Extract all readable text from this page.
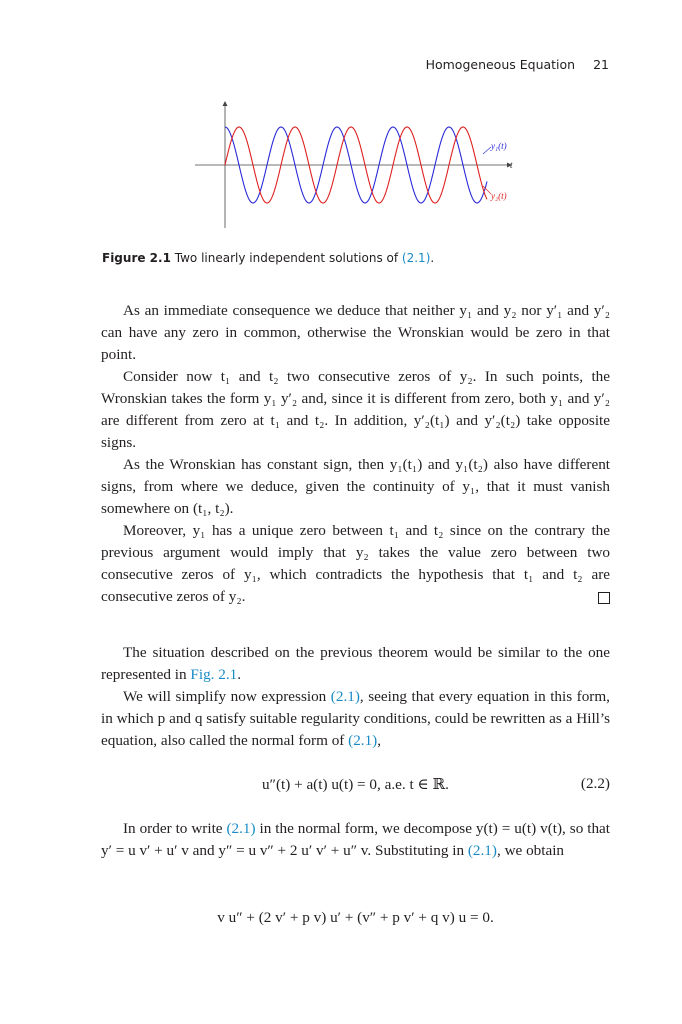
Homogeneous Equation 21
t
y₁(t)
y₂(t)
Figure 2.1 Two linearly independent solutions of (2.1).

As an immediate consequence we deduce that neither y₁ and y₂ nor y′₁ and y′₂ can have any zero in common, otherwise the Wronskian would be zero in that point.

Consider now t₁ and t₂ two consecutive zeros of y₂. In such points, the Wronskian takes the form y₁ y′₂ and, since it is different from zero, both y₁ and y′₂ are different from zero at t₁ and t₂. In addition, y′₂(t₁) and y′₂(t₂) take opposite signs.

As the Wronskian has constant sign, then y₁(t₁) and y₁(t₂) also have different signs, from where we deduce, given the continuity of y₁, that it must vanish somewhere on (t₁, t₂).

Moreover, y₁ has a unique zero between t₁ and t₂ since on the contrary the previous argument would imply that y₂ takes the value zero between two consecutive zeros of y₁, which contradicts the hypothesis that t₁ and t₂ are consecutive zeros of y₂.

The situation described on the previous theorem would be similar to the one represented in Fig. 2.1.

We will simplify now expression (2.1), seeing that every equation in this form, in which p and q satisfy suitable regularity conditions, could be rewritten as a Hill’s equation, also called the normal form of (2.1),

u″(t) + a(t) u(t) = 0, a.e. t ∈ ℝ.	(2.2)

In order to write (2.1) in the normal form, we decompose y(t) = u(t) v(t), so that y′ = u v′ + u′ v and y″ = u v″ + 2 u′ v′ + u″ v. Substituting in (2.1), we obtain

v u″ + (2 v′ + p v) u′ + (v″ + p v′ + q v) u = 0.
